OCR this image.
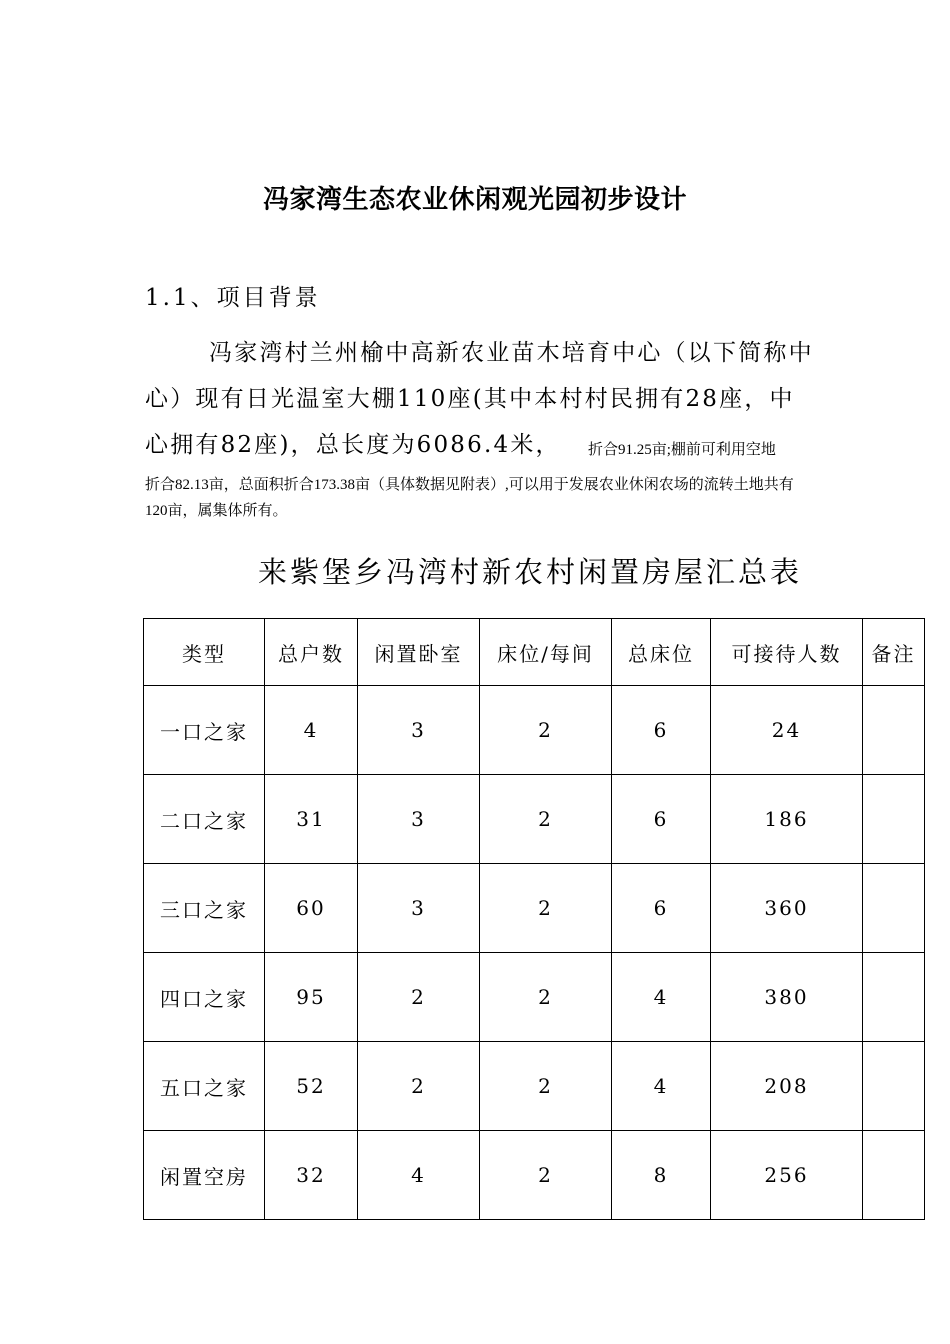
冯家湾生态农业休闲观光园初步设计
1.1、项目背景
冯家湾村兰州榆中高新农业苗木培育中心（以下简称中心）现有日光温室大棚110座(其中本村村民拥有28座，中心拥有82座)，总长度为6086.4米，	折合91.25亩;棚前可利用空地
折合82.13亩，总面积折合173.38亩（具体数据见附表）,可以用于发展农业休闲农场的流转土地共有120亩，属集体所有。
来紫堡乡冯湾村新农村闲置房屋汇总表
类型	总户数	闲置卧室	床位/每间	总床位	可接待人数	备注
一口之家	4	3	2	6	24	
二口之家	31	3	2	6	186	
三口之家	60	3	2	6	360	
四口之家	95	2	2	4	380	
五口之家	52	2	2	4	208	
闲置空房	32	4	2	8	256	
